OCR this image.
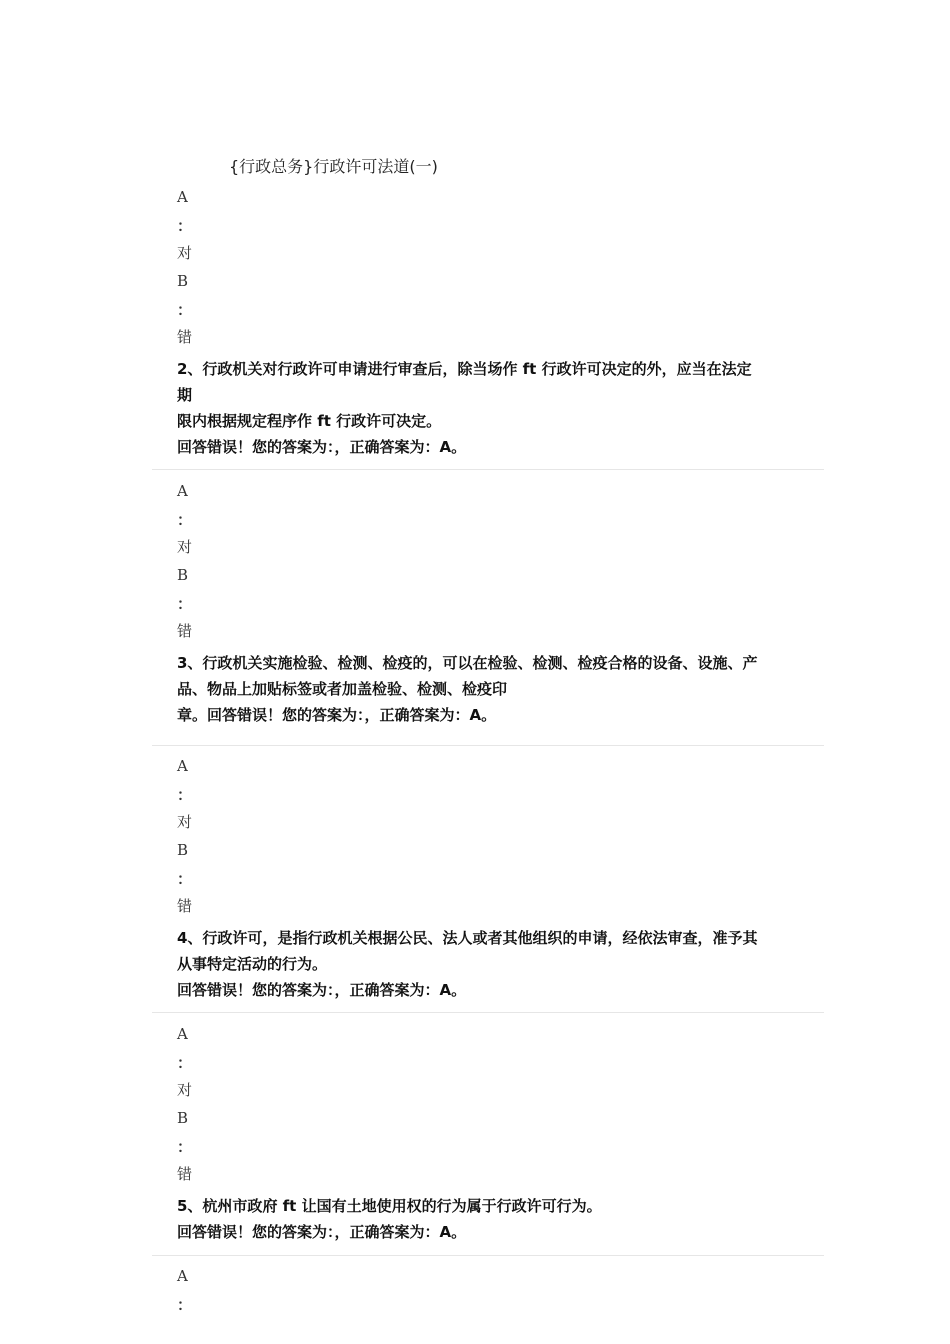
{行政总务}行政许可法道(一)
A
：
对
B
：
错
2、行政机关对行政许可申请进行审查后，除当场作 ft 行政许可决定的外，应当在法定
期
限内根据规定程序作 ft 行政许可决定。
回答错误！您的答案为：，正确答案为：A。
A
：
对
B
：
错
3、行政机关实施检验、检测、检疫的，可以在检验、检测、检疫合格的设备、设施、产
品、物品上加贴标签或者加盖检验、检测、检疫印
章。回答错误！您的答案为：，正确答案为：A。
A
：
对
B
：
错
4、行政许可，是指行政机关根据公民、法人或者其他组织的申请，经依法审查，准予其
从事特定活动的行为。
回答错误！您的答案为：，正确答案为：A。
A
：
对
B
：
错
5、杭州市政府 ft 让国有土地使用权的行为属于行政许可行为。
回答错误！您的答案为：，正确答案为：A。
A
：
